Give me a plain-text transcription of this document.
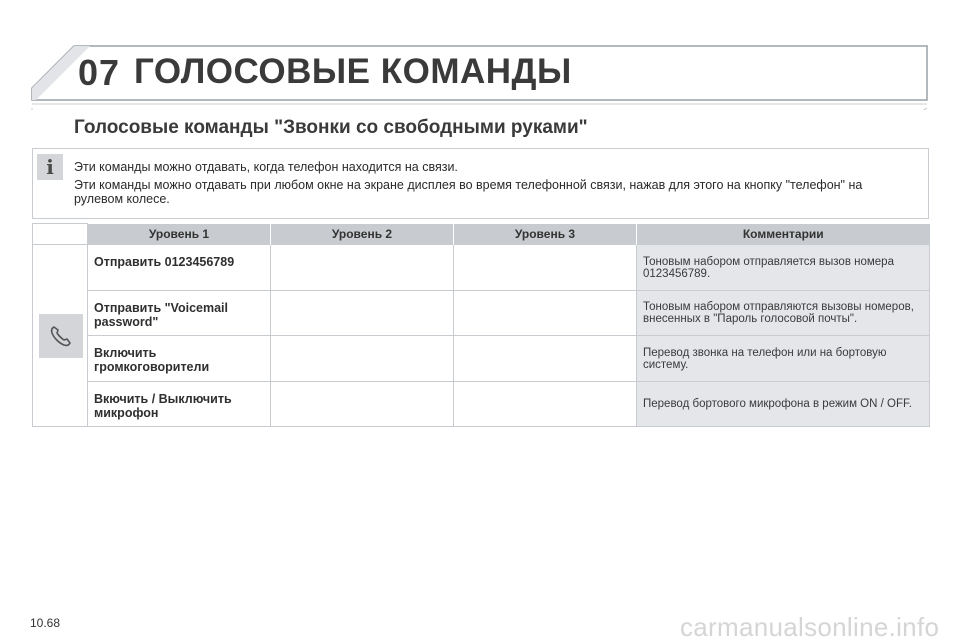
07 ГОЛОСОВЫЕ КОМАНДЫ
Голосовые команды "Звонки со свободными руками"
i Эти команды можно отдавать, когда телефон находится на связи.

Эти команды можно отдавать при любом окне на экране дисплея во время телефонной связи, нажав для этого на кнопку "телефон" на рулевом колесе.

	Уровень 1	Уровень 2	Уровень 3	Комментарии

	Отправить 0123456789			Тоновым набором отправляется вызов номера 0123456789.
	Отправить "Voicemail password"			Тоновым набором отправляются вызовы номеров, внесенных в "Пароль голосовой почты".
	Включить громкоговорители			Перевод звонка на телефон или на бортовую систему.
	Вкючить / Выключить микрофон			Перевод бортового микрофона в режим ON / OFF.
10.68	carmanualsonline.info
